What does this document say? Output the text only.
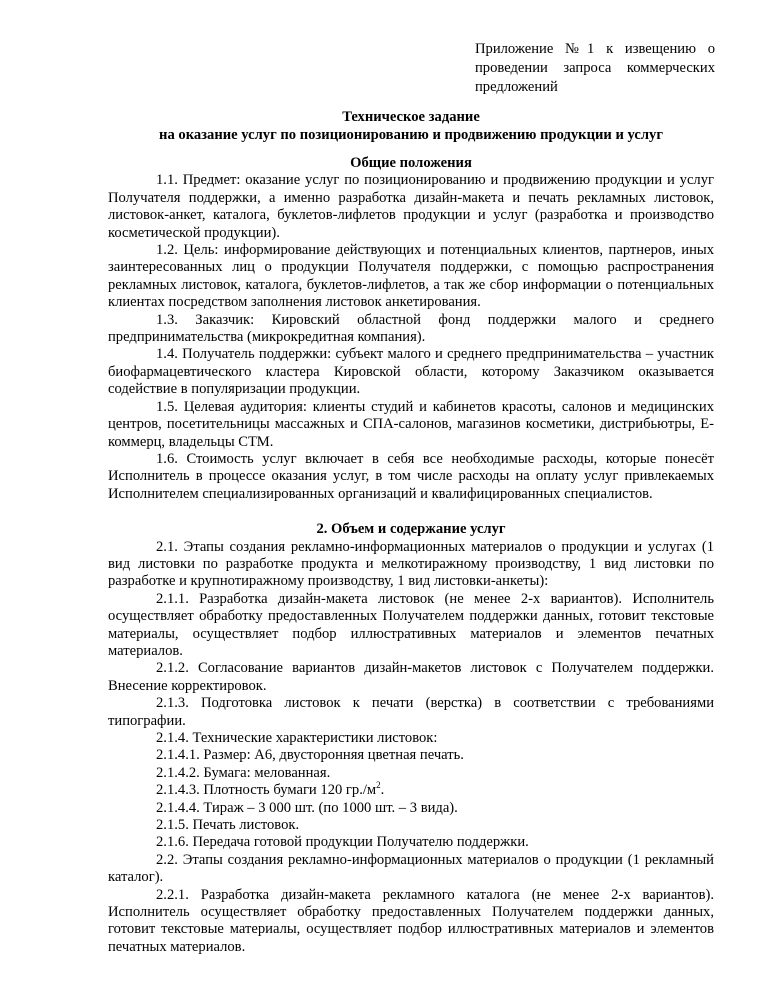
Приложение №1 к извещению о проведении запроса коммерческих предложений
Техническое задание
на оказание услуг по позиционированию и продвижению продукции и услуг
Общие положения

1.1. Предмет: оказание услуг по позиционированию и продвижению продукции и услуг Получателя поддержки, а именно разработка дизайн-макета и печать рекламных листовок, листовок-анкет, каталога, буклетов-лифлетов продукции и услуг (разработка и производство косметической продукции).

1.2. Цель: информирование действующих и потенциальных клиентов, партнеров, иных заинтересованных лиц о продукции Получателя поддержки, с помощью распространения рекламных листовок, каталога, буклетов-лифлетов, а так же сбор информации о потенциальных клиентах посредством заполнения листовок анкетирования.

1.3. Заказчик: Кировский областной фонд поддержки малого и среднего предпринимательства (микрокредитная компания).

1.4. Получатель поддержки: субъект малого и среднего предпринимательства – участник биофармацевтического кластера Кировской области, которому Заказчиком оказывается содействие в популяризации продукции.

1.5. Целевая аудитория: клиенты студий и кабинетов красоты, салонов и медицинских центров, посетительницы массажных и СПА-салонов, магазинов косметики, дистрибьютры, Е-коммерц, владельцы СТМ.

1.6. Стоимость услуг включает в себя все необходимые расходы, которые понесёт Исполнитель в процессе оказания услуг, в том числе расходы на оплату услуг привлекаемых Исполнителем специализированных организаций и квалифицированных специалистов.

2. Объем и содержание услуг

2.1. Этапы создания рекламно-информационных материалов о продукции и услугах (1 вид листовки по разработке продукта и мелкотиражному производству, 1 вид листовки по разработке и крупнотиражному производству, 1 вид листовки-анкеты):

2.1.1. Разработка дизайн-макета листовок (не менее 2-х вариантов). Исполнитель осуществляет обработку предоставленных Получателем поддержки данных, готовит текстовые материалы, осуществляет подбор иллюстративных материалов и элементов печатных материалов.

2.1.2. Согласование вариантов дизайн-макетов листовок с Получателем поддержки. Внесение корректировок.

2.1.3. Подготовка листовок к печати (верстка) в соответствии с требованиями типографии.

2.1.4. Технические характеристики листовок:

2.1.4.1. Размер: А6, двусторонняя цветная печать.

2.1.4.2. Бумага: мелованная.

2.1.4.3. Плотность бумаги 120 $гр./м^2$.

2.1.4.4. Тираж – 3 000 шт. (по 1000 шт. – 3 вида).

2.1.5. Печать листовок.

2.1.6. Передача готовой продукции Получателю поддержки.

2.2. Этапы создания рекламно-информационных материалов о продукции (1 рекламный каталог).

2.2.1. Разработка дизайн-макета рекламного каталога (не менее 2-х вариантов). Исполнитель осуществляет обработку предоставленных Получателем поддержки данных, готовит текстовые материалы, осуществляет подбор иллюстративных материалов и элементов печатных материалов.
